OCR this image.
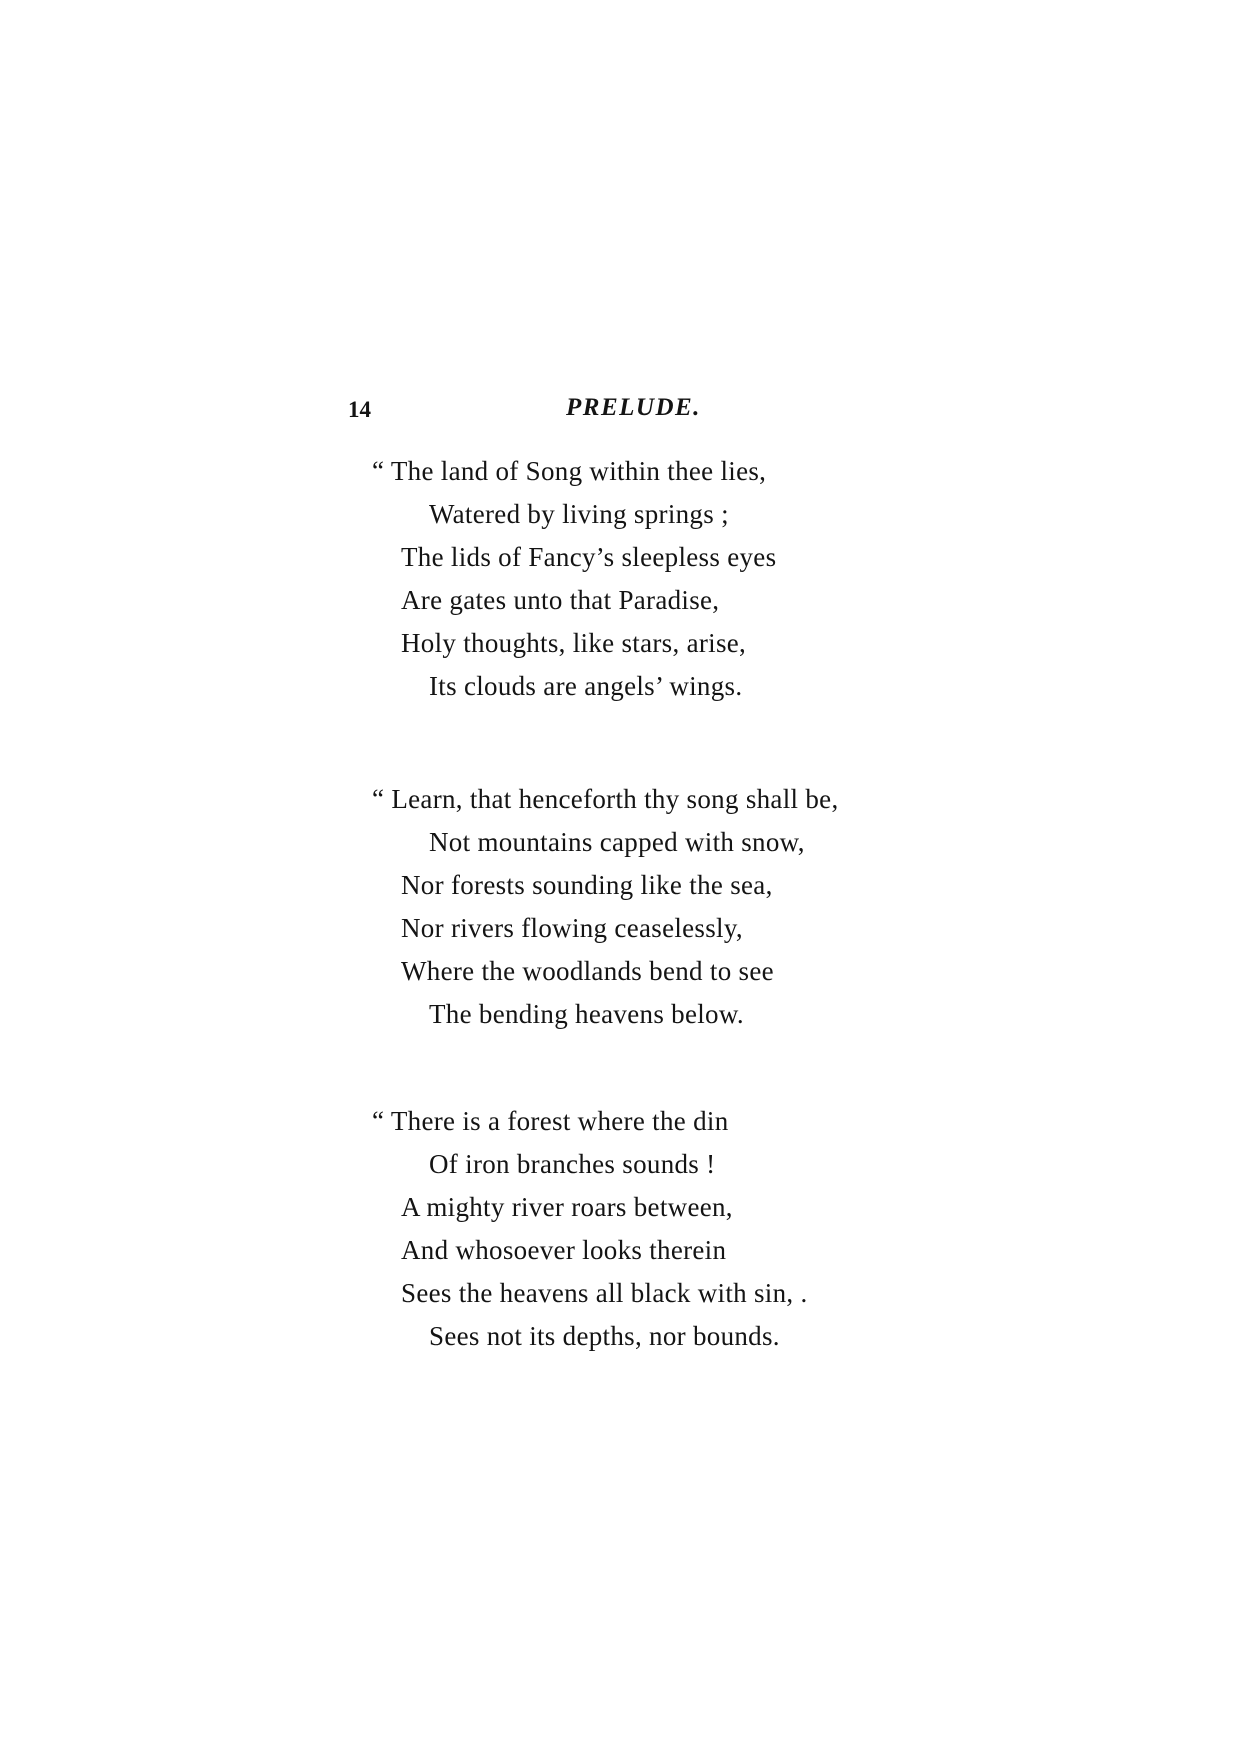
14	PRELUDE.
“ The land of Song within thee lies,
Watered by living springs ;
The lids of Fancy’s sleepless eyes
Are gates unto that Paradise,
Holy thoughts, like stars, arise,
Its clouds are angels’ wings.
“ Learn, that henceforth thy song shall be,
Not mountains capped with snow,
Nor forests sounding like the sea,
Nor rivers flowing ceaselessly,
Where the woodlands bend to see
The bending heavens below.
“ There is a forest where the din
Of iron branches sounds !
A mighty river roars between,
And whosoever looks therein
Sees the heavens all black with sin, .
Sees not its depths, nor bounds.
